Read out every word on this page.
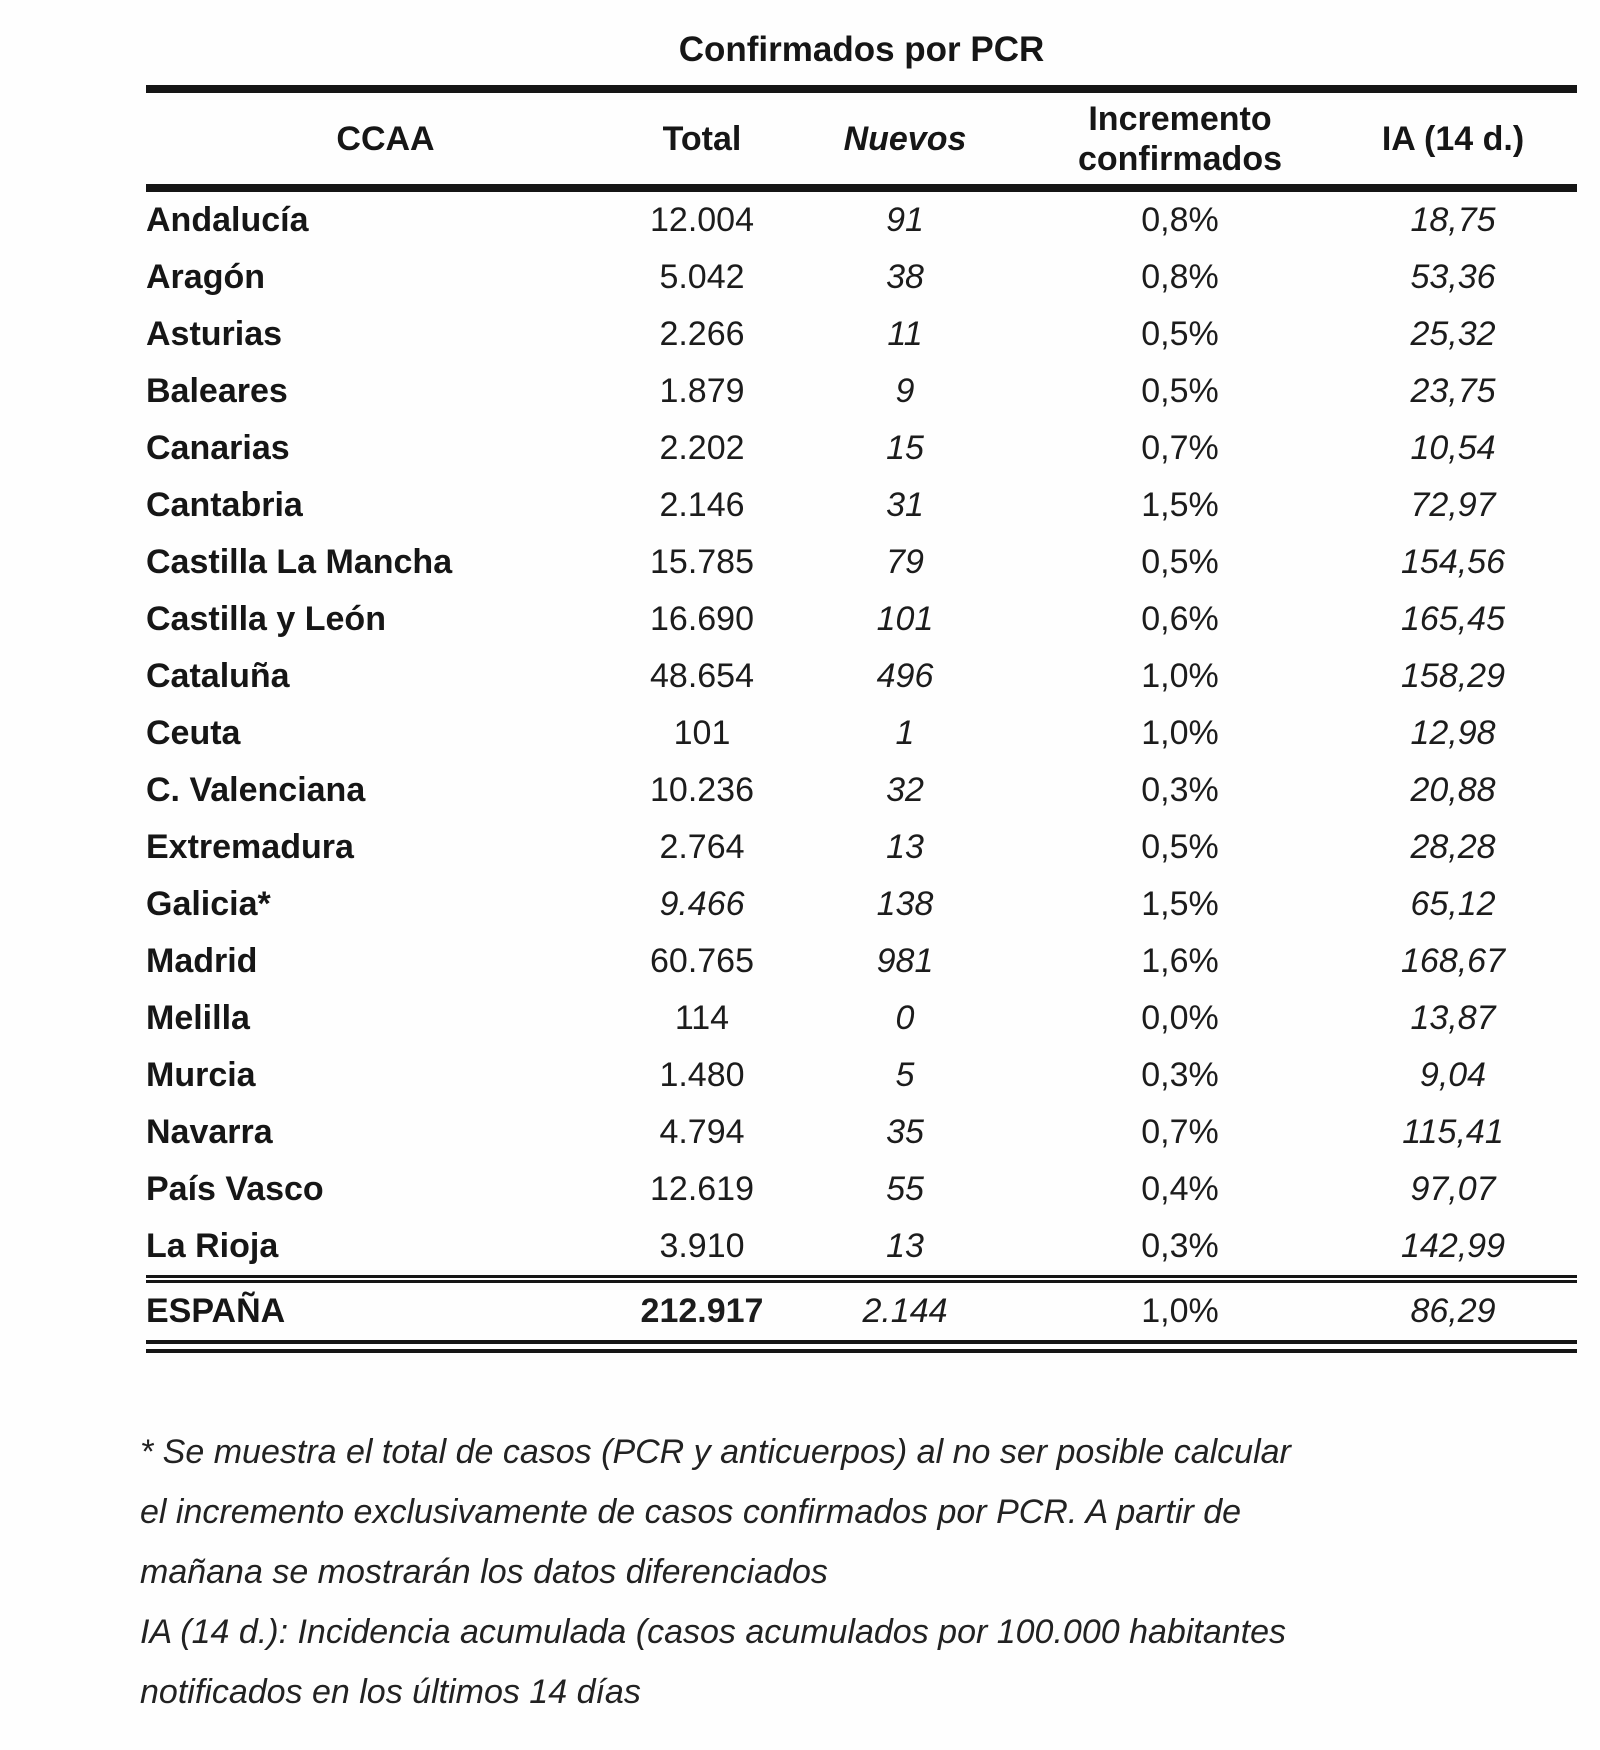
Confirmados por PCR
CCAA	Total	Nuevos	Incremento confirmados	IA (14 d.)
Andalucía	12.004	91	0,8%	18,75
Aragón	5.042	38	0,8%	53,36
Asturias	2.266	11	0,5%	25,32
Baleares	1.879	9	0,5%	23,75
Canarias	2.202	15	0,7%	10,54
Cantabria	2.146	31	1,5%	72,97
Castilla La Mancha	15.785	79	0,5%	154,56
Castilla y León	16.690	101	0,6%	165,45
Cataluña	48.654	496	1,0%	158,29
Ceuta	101	1	1,0%	12,98
C. Valenciana	10.236	32	0,3%	20,88
Extremadura	2.764	13	0,5%	28,28
Galicia*	9.466	138	1,5%	65,12
Madrid	60.765	981	1,6%	168,67
Melilla	114	0	0,0%	13,87
Murcia	1.480	5	0,3%	9,04
Navarra	4.794	35	0,7%	115,41
País Vasco	12.619	55	0,4%	97,07
La Rioja	3.910	13	0,3%	142,99
ESPAÑA	212.917	2.144	1,0%	86,29
* Se muestra el total de casos (PCR y anticuerpos) al no ser posible calcular
el incremento exclusivamente de casos confirmados por PCR. A partir de
mañana se mostrarán los datos diferenciados
IA (14 d.): Incidencia acumulada (casos acumulados por 100.000 habitantes
notificados en los últimos 14 días
